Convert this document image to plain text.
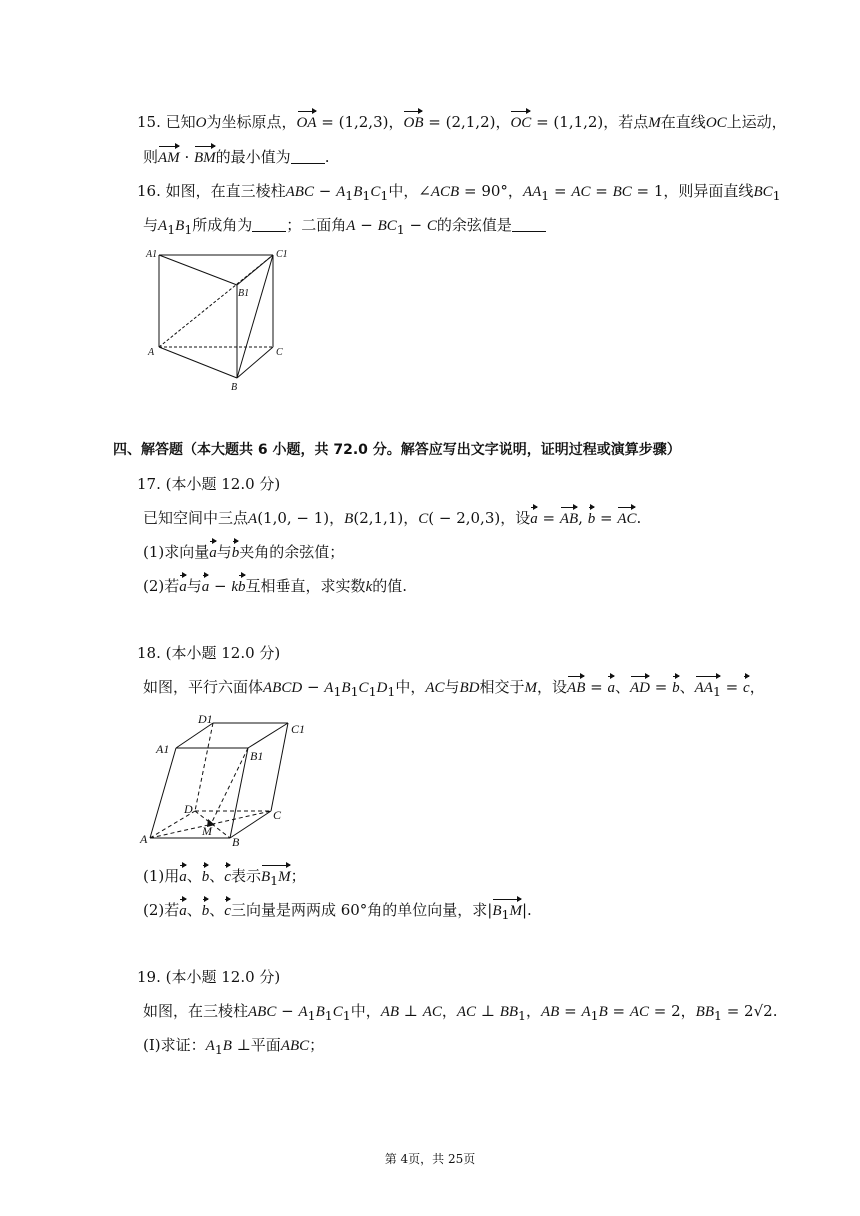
15. 已知O为坐标原点，OA = (1,2,3)，OB = (2,1,2)，OC = (1,1,2)，若点M在直线OC上运动，
则AM · BM的最小值为 .
16. 如图，在直三棱柱ABC − $A_1B_1C_1$中，∠ACB = 90°，$AA_1$ = AC = BC = 1，则异面直线$BC_1$
与$A_1B_1$所成角为 ；二面角$A - BC_1 - C$的余弦值是
A1	C1
B1
A	C
B
四、解答题（本大题共 6 小题，共 72.0 分。解答应写出文字说明，证明过程或演算步骤）
17. (本小题 12.0 分)
已知空间中三点A(1,0, − 1)，B(2,1,1)，C( − 2,0,3)，设a = AB, b = AC.
(1)求向量a与b夹角的余弦值；
(2)若a与a − kb互相垂直，求实数k的值.
18. (本小题 12.0 分)
如图，平行六面体ABCD − $A_1B_1C_1D_1$中，AC与BD相交于M，设AB = a、AD = b、$AA_1 = c$，
D1
C1
A1	B1
D	C
M
A	B
(1)用a、b、c表示$B_1M$；
(2)若a、b、c三向量是两两成 60°角的单位向量，求$|B_1M|$.
19. (本小题 12.0 分)
如图，在三棱柱ABC − $A_1B_1C_1$中，AB ⊥ AC，AC ⊥ $BB_1$，AB = $A_1B$ = AC = 2，$BB_1 = 2√2$.
(Ⅰ)求证：$A_1B$ ⊥平面ABC；
第 4页，共 25页
